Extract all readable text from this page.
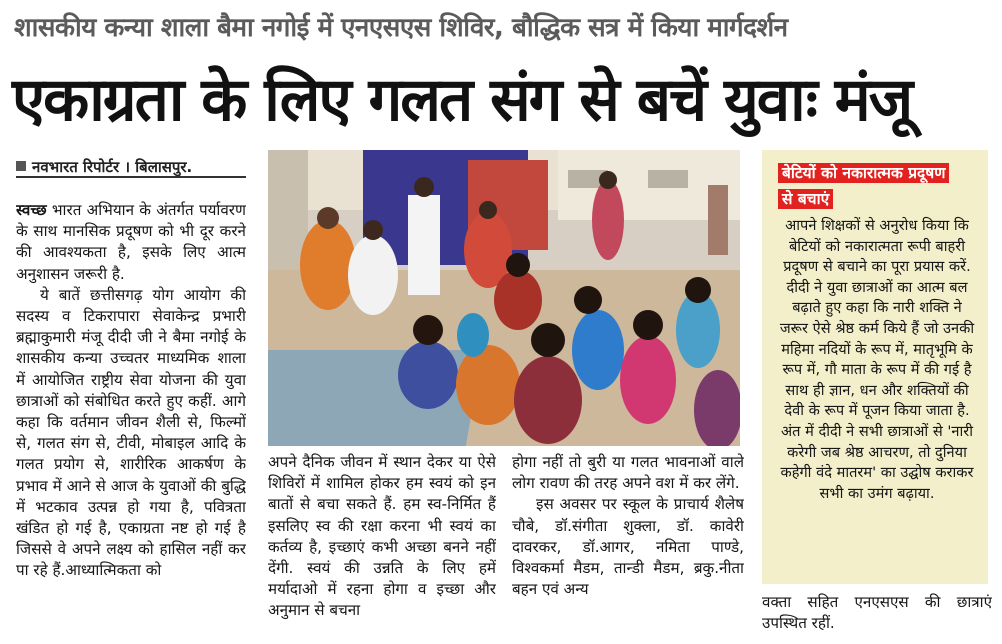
शासकीय कन्या शाला बैमा नगोई में एनएसएस शिविर, बौद्धिक सत्र में किया मार्गदर्शन
एकाग्रता के लिए गलत संग से बचें युवाः मंजू
नवभारत रिपोर्टर । बिलासपुर.

स्वच्छ भारत अभियान के अंतर्गत पर्यावरण के साथ मानसिक प्रदूषण को भी दूर करने की आवश्यकता है, इसके लिए आत्म अनुशासन जरूरी है.

ये बातें छत्तीसगढ़ योग आयोग की सदस्य व टिकरापारा सेवाकेन्द्र प्रभारी ब्रह्माकुमारी मंजू दीदी जी ने बैमा नगोई के शासकीय कन्या उच्चतर माध्यमिक शाला में आयोजित राष्ट्रीय सेवा योजना की युवा छात्राओं को संबोधित करते हुए कहीं. आगे कहा कि वर्तमान जीवन शैली से, फिल्मों से, गलत संग से, टीवी, मोबाइल आदि के गलत प्रयोग से, शारीरिक आकर्षण के प्रभाव में आने से आज के युवाओं की बुद्धि में भटकाव उत्पन्न हो गया है, पवित्रता खंडित हो गई है, एकाग्रता नष्ट हो गई है जिससे वे अपने लक्ष्य को हासिल नहीं कर पा रहे हैं.आध्यात्मिकता को

अपने दैनिक जीवन में स्थान देकर या ऐसे शिविरों में शामिल होकर हम स्वयं को इन बातों से बचा सकते हैं. हम स्व-निर्मित हैं इसलिए स्व की रक्षा करना भी स्वयं का कर्तव्य है, इच्छाएं कभी अच्छा बनने नहीं देंगी. स्वयं की उन्नति के लिए हमें मर्यादाओ में रहना होगा व इच्छा और अनुमान से बचना

होगा नहीं तो बुरी या गलत भावनाओं वाले लोग रावण की तरह अपने वश में कर लेंगे.

इस अवसर पर स्कूल के प्राचार्य शैलेष चौबे, डॉ.संगीता शुक्ला, डॉ. कावेरी दावरकर, डॉ.आगर, नमिता पाण्डे, विश्वकर्मा मैडम, तान्डी मैडम, ब्रकु.नीता बहन एवं अन्य

बेटियों को नकारात्मक प्रदूषण से बचाएं
आपने शिक्षकों से अनुरोध किया कि बेटियों को नकारात्मता रूपी बाहरी प्रदूषण से बचाने का पूरा प्रयास करें. दीदी ने युवा छात्राओं का आत्म बल बढ़ाते हुए कहा कि नारी शक्ति ने जरूर ऐसे श्रेष्ठ कर्म किये हैं जो उनकी महिमा नदियों के रूप में, मातृभूमि के रूप में, गौ माता के रूप में की गई है साथ ही ज्ञान, धन और शक्तियों की देवी के रूप में पूजन किया जाता है. अंत में दीदी ने सभी छात्राओं से 'नारी करेगी जब श्रेष्ठ आचरण, तो दुनिया कहेगी वंदे मातरम' का उद्घोष कराकर सभी का उमंग बढ़ाया.
वक्ता सहित एनएसएस की छात्राएं उपस्थित रहीं.
